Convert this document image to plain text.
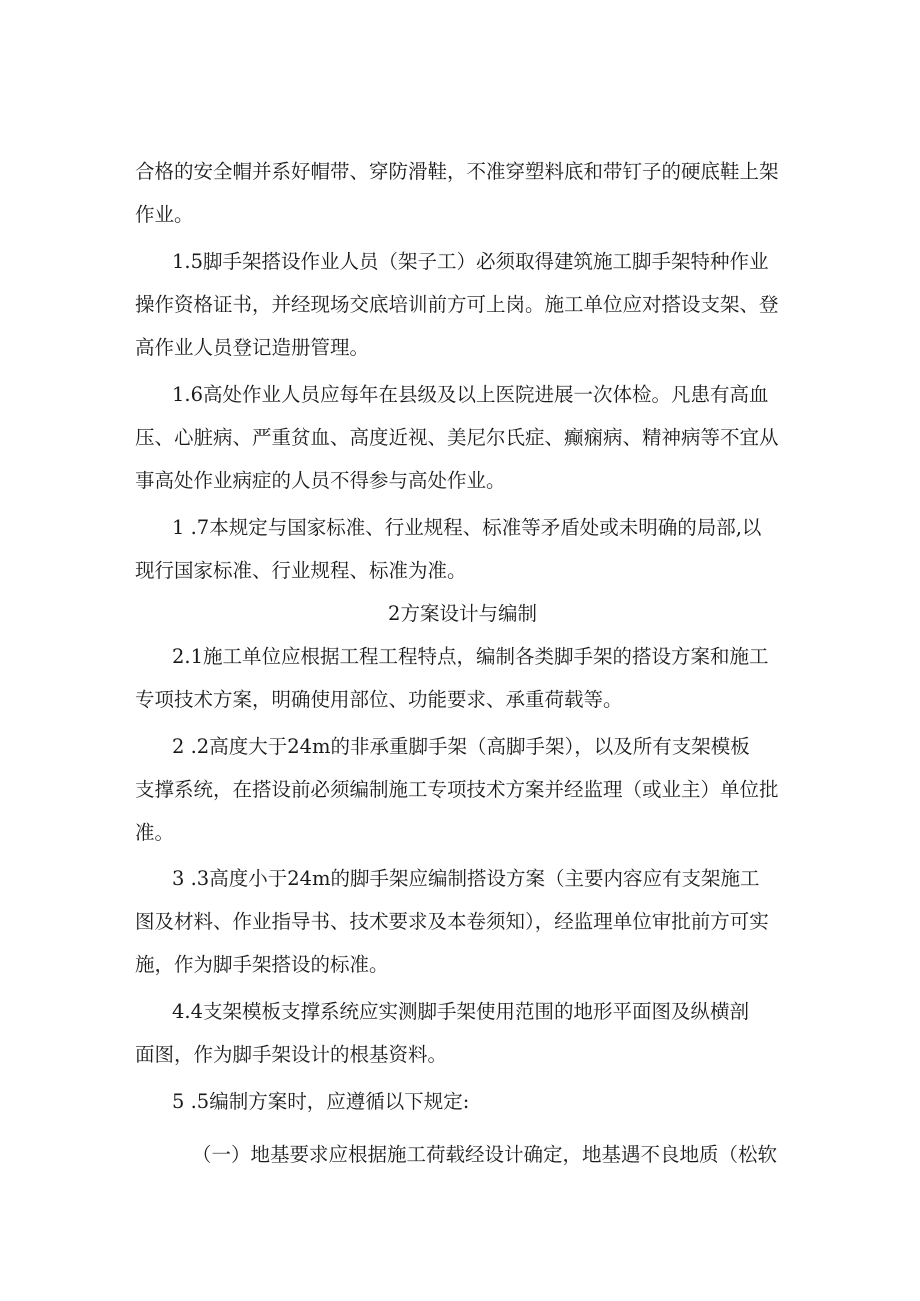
合格的安全帽并系好帽带、穿防滑鞋，不准穿塑料底和带钉子的硬底鞋上架

作业。

1.5脚手架搭设作业人员（架子工）必须取得建筑施工脚手架特种作业

操作资格证书，并经现场交底培训前方可上岗。施工单位应对搭设支架、登

高作业人员登记造册管理。

1.6高处作业人员应每年在县级及以上医院进展一次体检。凡患有高血

压、心脏病、严重贫血、高度近视、美尼尔氏症、癫痫病、精神病等不宜从

事高处作业病症的人员不得参与高处作业。

1 .7本规定与国家标准、行业规程、标准等矛盾处或未明确的局部,以

现行国家标准、行业规程、标准为准。

2方案设计与编制

2.1施工单位应根据工程工程特点，编制各类脚手架的搭设方案和施工

专项技术方案，明确使用部位、功能要求、承重荷载等。

2 .2高度大于24m的非承重脚手架（高脚手架），以及所有支架模板

支撑系统，在搭设前必须编制施工专项技术方案并经监理（或业主）单位批

准。

3 .3高度小于24m的脚手架应编制搭设方案（主要内容应有支架施工

图及材料、作业指导书、技术要求及本卷须知），经监理单位审批前方可实

施，作为脚手架搭设的标准。

4.4支架模板支撑系统应实测脚手架使用范围的地形平面图及纵横剖

面图，作为脚手架设计的根基资料。

5 .5编制方案时，应遵循以下规定:

（一）地基要求应根据施工荷载经设计确定，地基遇不良地质（松软
